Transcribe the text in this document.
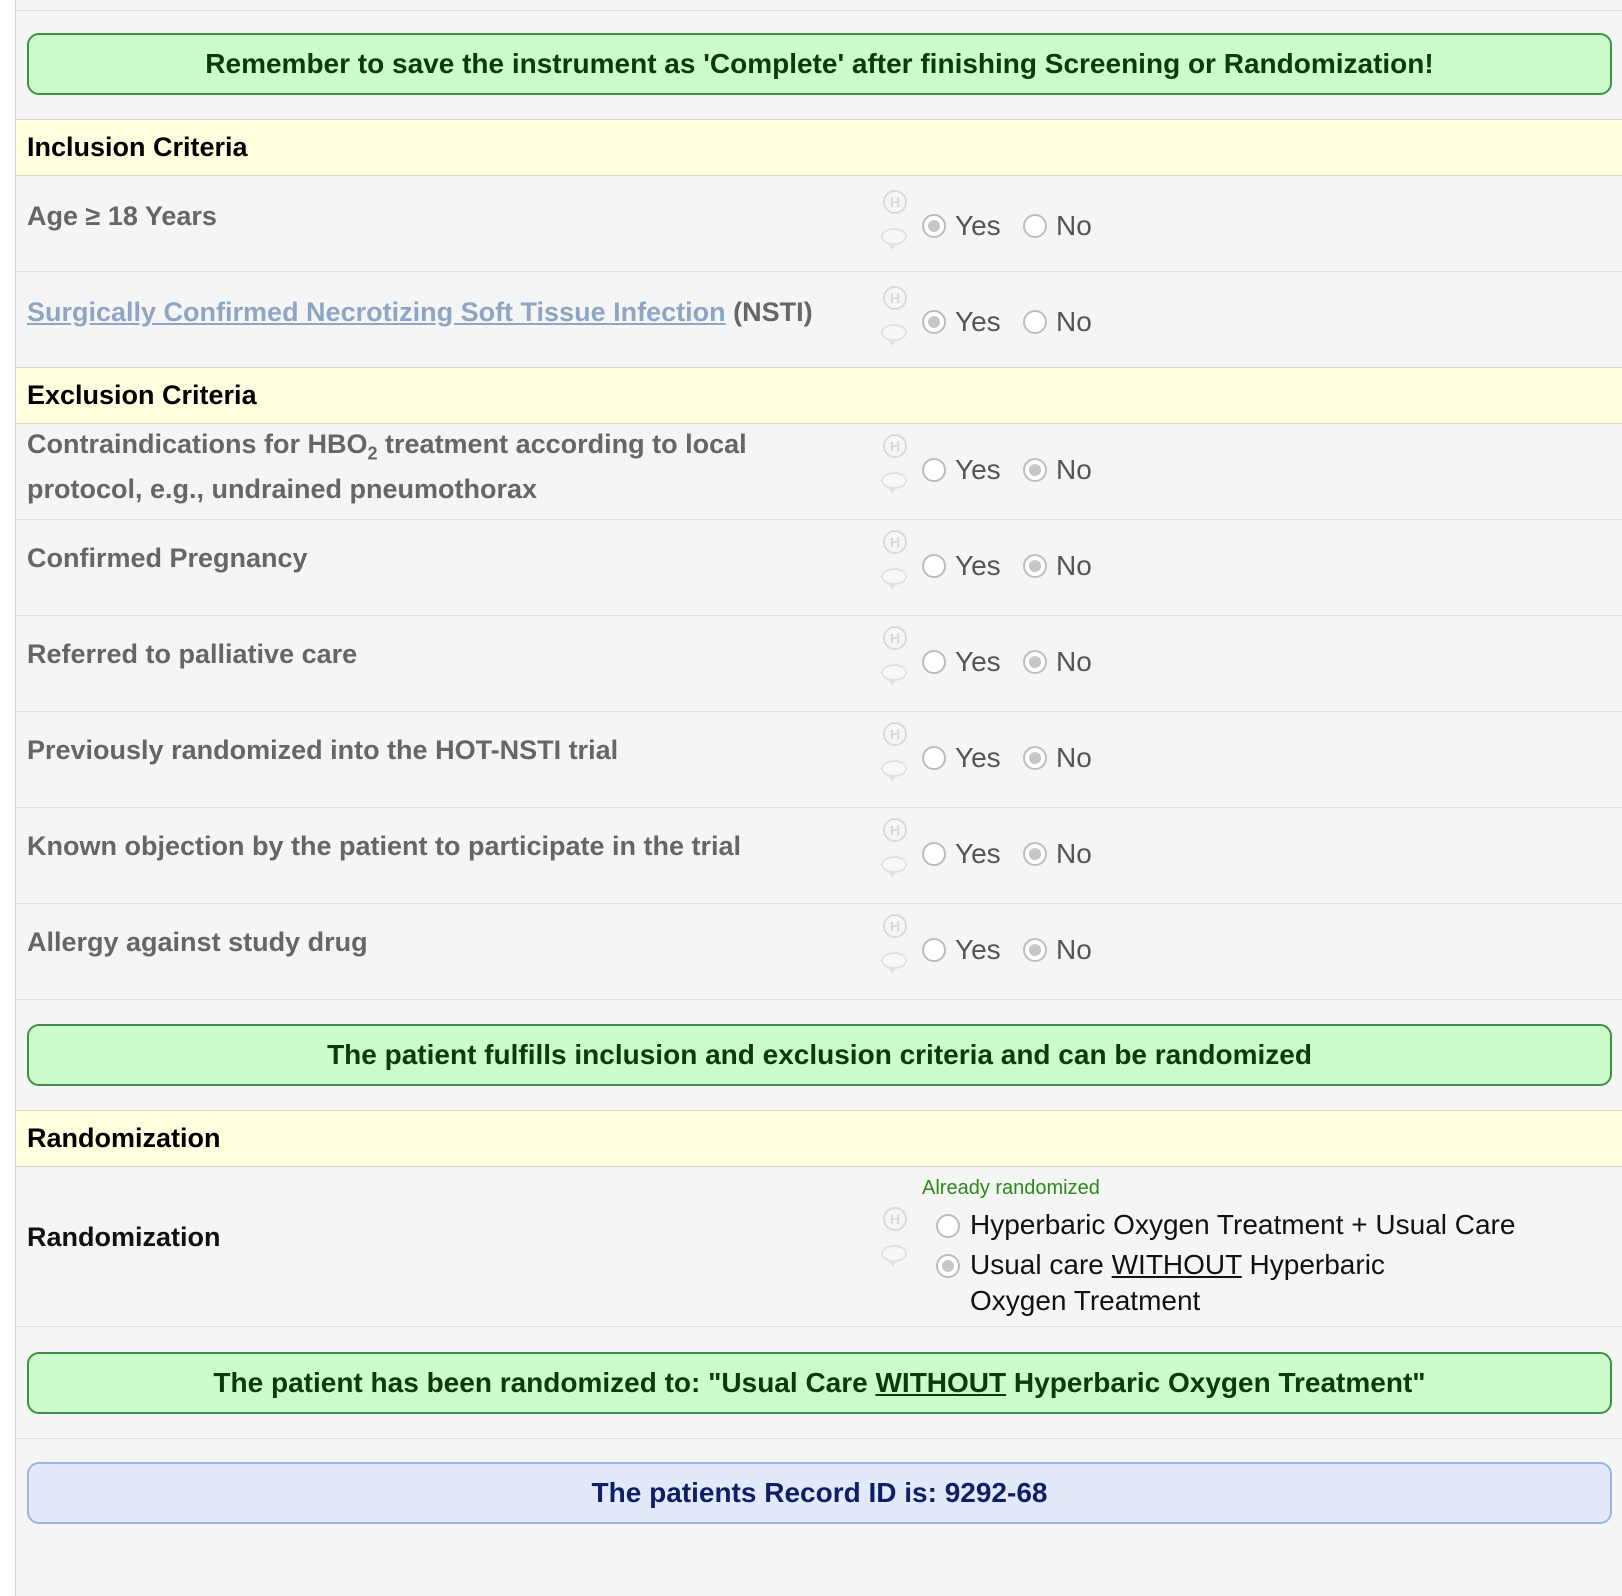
Remember to save the instrument as 'Complete' after finishing Screening or Randomization!
Inclusion Criteria
Age ≥ 18 Years	H
Yes No
Surgically Confirmed Necrotizing Soft Tissue Infection (NSTI)	H
Yes No
Exclusion Criteria
Contraindications for $HBO_2$ treatment according to local protocol, e.g., undrained pneumothorax
H
Yes No
Confirmed Pregnancy
H
Yes No
Referred to palliative care
H
Yes No
Previously randomized into the HOT-NSTI trial
H
Yes No
Known objection by the patient to participate in the trial
H
Yes No
Allergy against study drug
H
Yes No
The patient fulfills inclusion and exclusion criteria and can be randomized
Randomization
Randomization
Already randomized
H Hyperbaric Oxygen Treatment + Usual Care
Usual care WITHOUT Hyperbaric Oxygen Treatment
The patient has been randomized to: "Usual Care WITHOUT Hyperbaric Oxygen Treatment"
The patients Record ID is: 9292-68
